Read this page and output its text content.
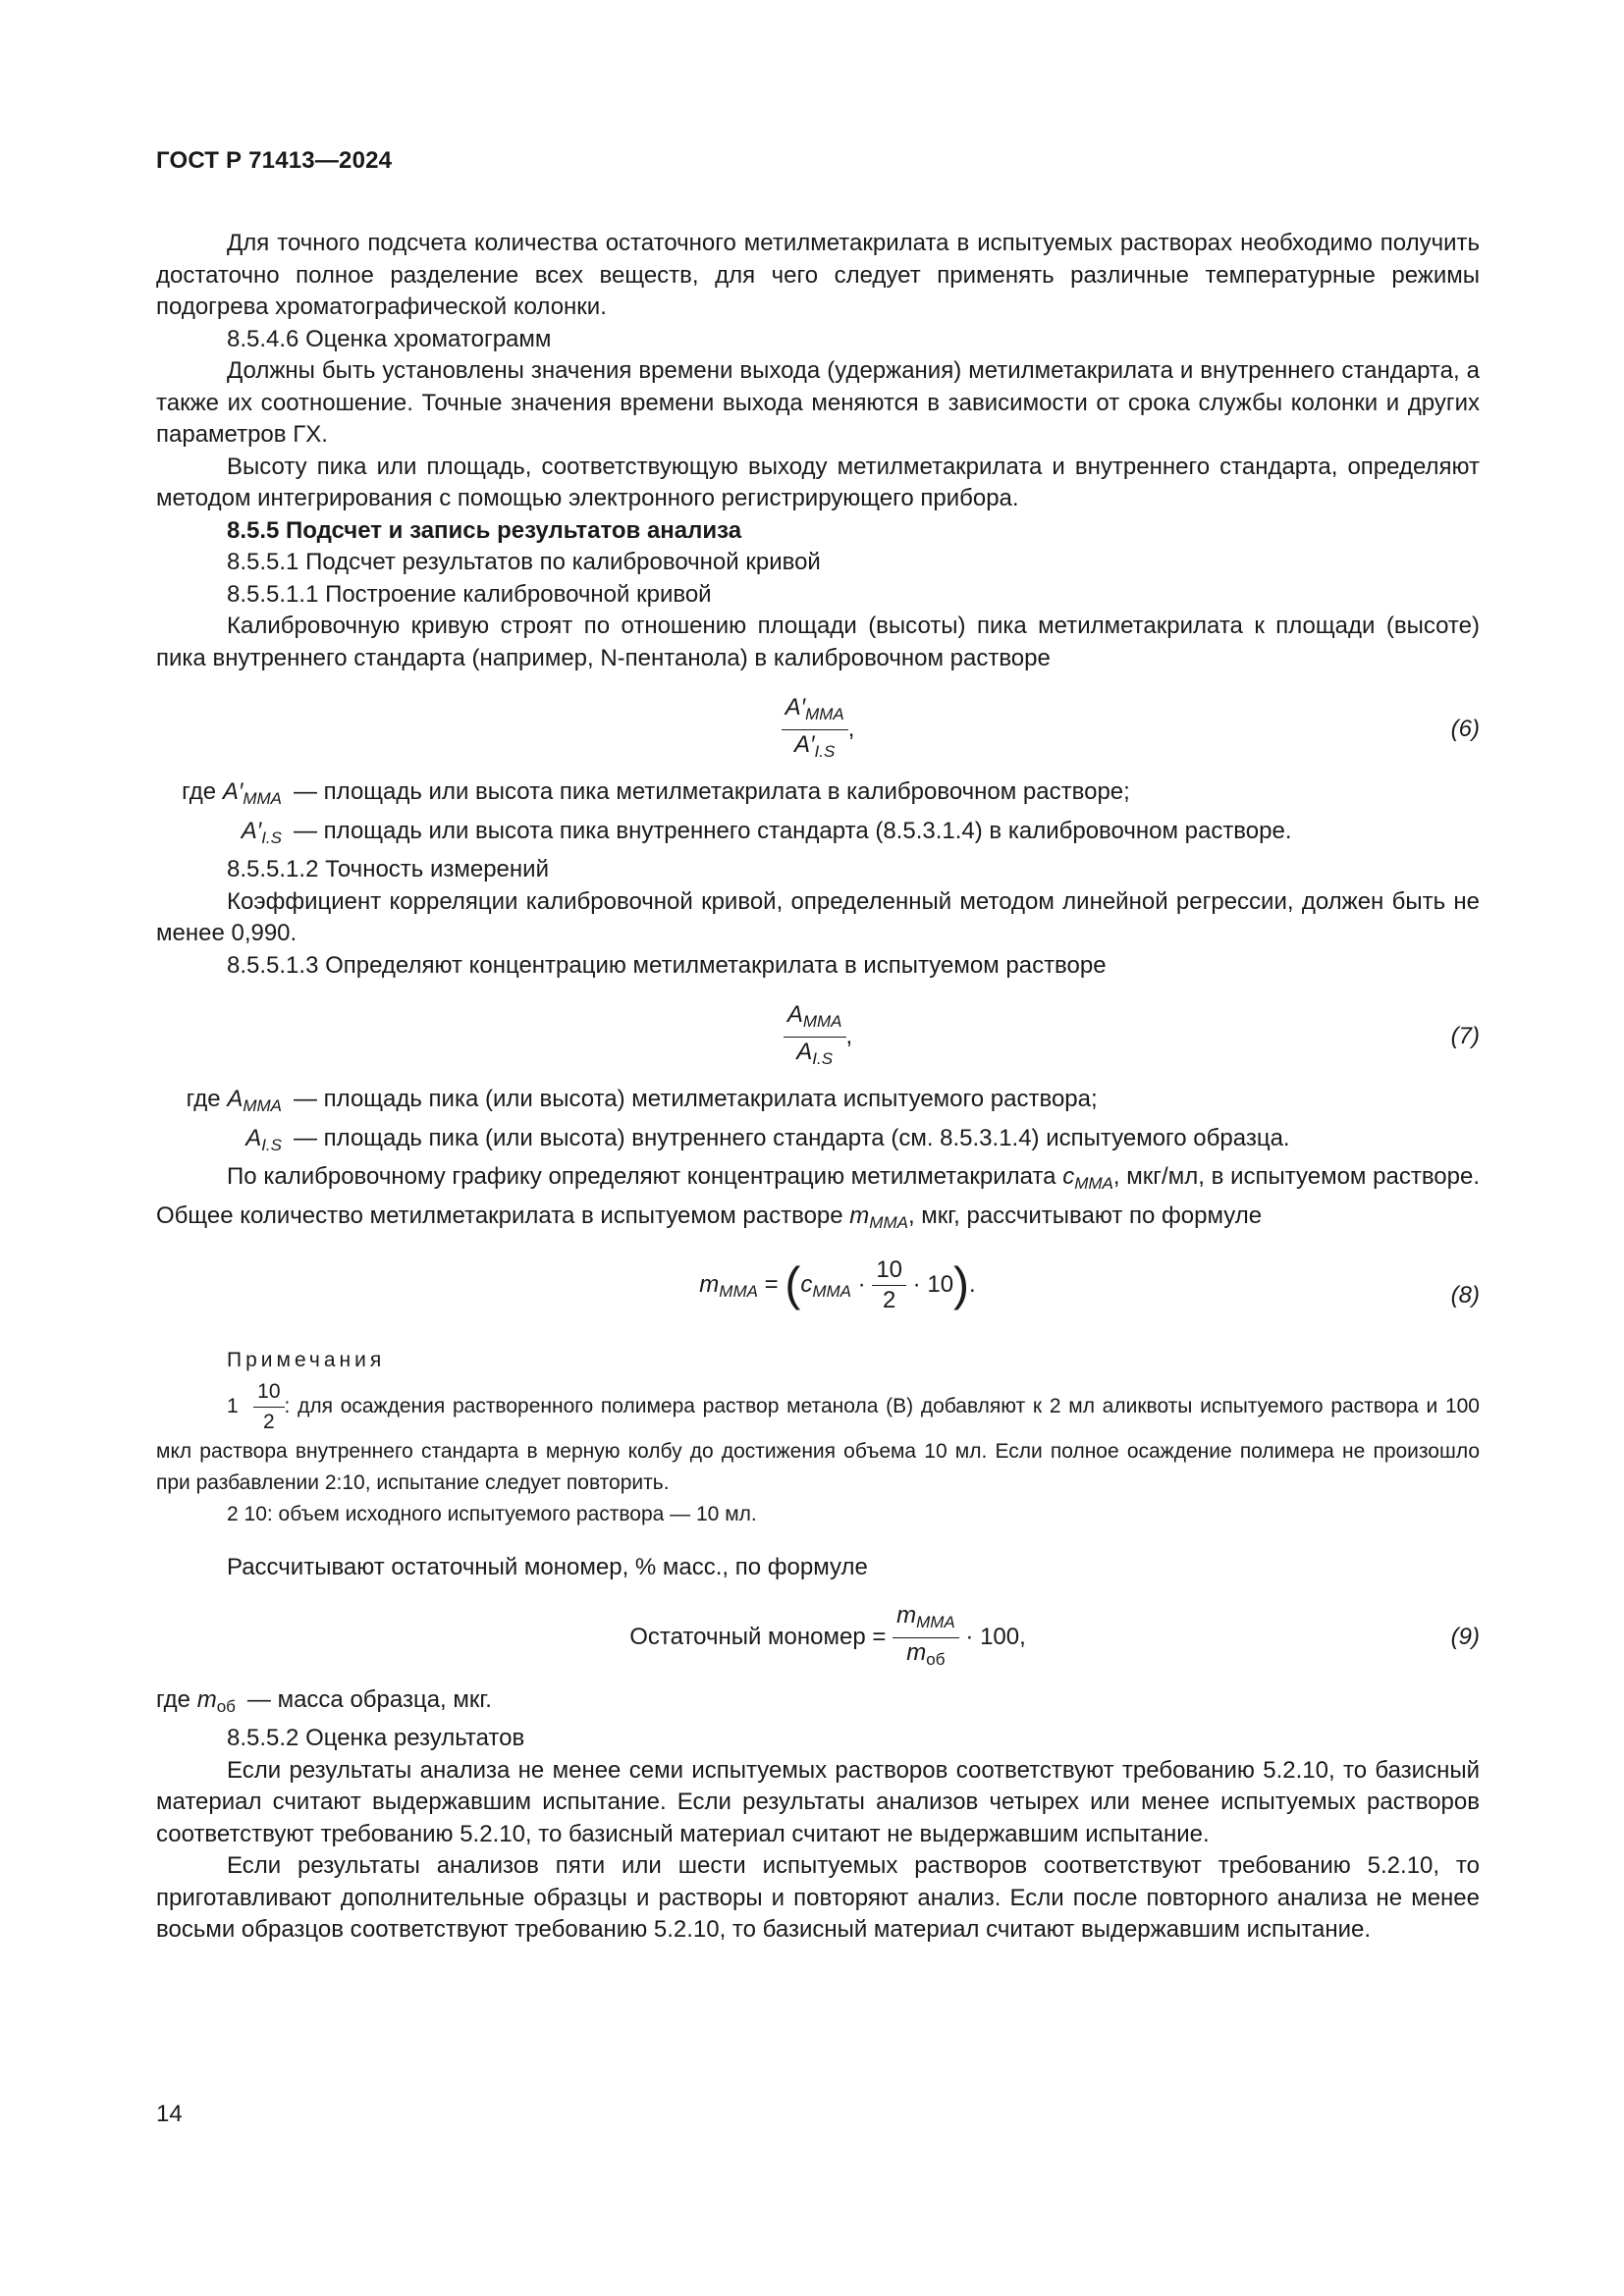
ГОСТ Р 71413—2024

Для точного подсчета количества остаточного метилметакрилата в испытуемых растворах необходимо получить достаточно полное разделение всех веществ, для чего следует применять различные температурные режимы подогрева хроматографической колонки.

8.5.4.6 Оценка хроматограмм

Должны быть установлены значения времени выхода (удержания) метилметакрилата и внутреннего стандарта, а также их соотношение. Точные значения времени выхода меняются в зависимости от срока службы колонки и других параметров ГХ.

Высоту пика или площадь, соответствующую выходу метилметакрилата и внутреннего стандарта, определяют методом интегрирования с помощью электронного регистрирующего прибора.

8.5.5 Подсчет и запись результатов анализа

8.5.5.1 Подсчет результатов по калибровочной кривой

8.5.5.1.1 Построение калибровочной кривой

Калибровочную кривую строят по отношению площади (высоты) пика метилметакрилата к площади (высоте) пика внутреннего стандарта (например, N-пентанола) в калибровочном растворе

$\frac{A'_{MMA}}{A'_{I.S}}$ ,	(6)
где $A'_{MMA}$ — площадь или высота пика метилметакрилата в калибровочном растворе;
$A'_{I.S}$ — площадь или высота пика внутреннего стандарта (8.5.3.1.4) в калибровочном растворе.

8.5.5.1.2 Точность измерений

Коэффициент корреляции калибровочной кривой, определенный методом линейной регрессии, должен быть не менее 0,990.

8.5.5.1.3 Определяют концентрацию метилметакрилата в испытуемом растворе

$\frac{A_{MMA}}{A_{I.S}}$ ,	(7)
где $A_{MMA}$ — площадь пика (или высота) метилметакрилата испытуемого раствора;
$A_{I.S}$ — площадь пика (или высота) внутреннего стандарта (см. 8.5.3.1.4) испытуемого образца.

По калибровочному графику определяют концентрацию метилметакрилата $c_{MMA}$, мкг/мл, в испытуемом растворе. Общее количество метилметакрилата в испытуемом растворе $m_{MMA}$, мкг, рассчитывают по формуле

$m_{MMA} = (c_{MMA} \cdot \frac{10}{2} \cdot 10)$.	(8)
Примечания
$1 \frac{10}{2}$ : для осаждения растворенного полимера раствор метанола (B) добавляют к 2 мл аликвоты испытуемого раствора и 100 мкл раствора внутреннего стандарта в мерную колбу до достижения объема 10 мл. Если полное осаждение полимера не произошло при разбавлении 2:10, испытание следует повторить.
2 10: объем исходного испытуемого раствора — 10 мл.

Рассчитывают остаточный мономер, % масс., по формуле

Остаточный мономер = $\frac{m_{MMA}}{m_{об}} \cdot 100$,	(9)
где $m_{об}$ — масса образца, мкг.

8.5.5.2 Оценка результатов

Если результаты анализа не менее семи испытуемых растворов соответствуют требованию 5.2.10, то базисный материал считают выдержавшим испытание. Если результаты анализов четырех или менее испытуемых растворов соответствуют требованию 5.2.10, то базисный материал считают не выдержавшим испытание.

Если результаты анализов пяти или шести испытуемых растворов соответствуют требованию 5.2.10, то приготавливают дополнительные образцы и растворы и повторяют анализ. Если после повторного анализа не менее восьми образцов соответствуют требованию 5.2.10, то базисный материал считают выдержавшим испытание.

14
